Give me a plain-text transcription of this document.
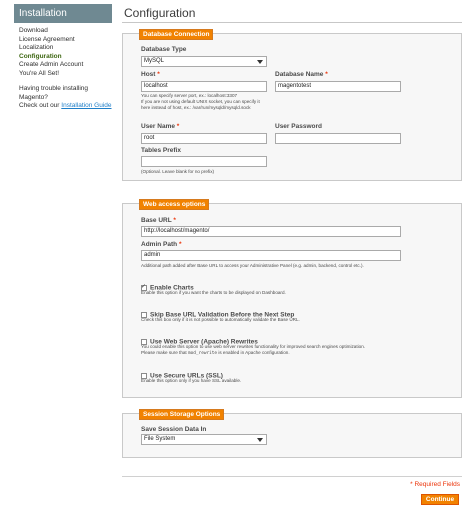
Installation
Download
License Agreement
Localization
Configuration
Create Admin Account
You're All Set!

Having trouble installing Magento?
Check out our Installation Guide

Configuration
Database Connection
Database Type
MySQL
Host *
localhost
You can specify server port, ex.: localhost:3307
If you are not using default UNIX socket, you can specify it
here instead of host, ex.: /var/run/mysqld/mysqld.sock
Database Name *
magentotest
User Name *
root
User Password
Tables Prefix
(Optional. Leave blank for no prefix)
Web access options
Base URL *
http://localhost/magento/
Admin Path *
admin
Additional path added after Base URL to access your Administrative Panel (e.g. admin, backend, control etc.).
✓Enable Charts
Enable this option if you want the charts to be displayed on Dashboard.
Skip Base URL Validation Before the Next Step
Check this box only if it is not possible to automatically validate the Base URL.
Use Web Server (Apache) Rewrites
You could enable this option to use web server rewrites functionality for improved search engines optimization.
Please make sure that mod_rewrite is enabled in Apache configuration.
Use Secure URLs (SSL)
Enable this option only if you have SSL available.
Session Storage Options
Save Session Data In
File System
* Required Fields
Continue
